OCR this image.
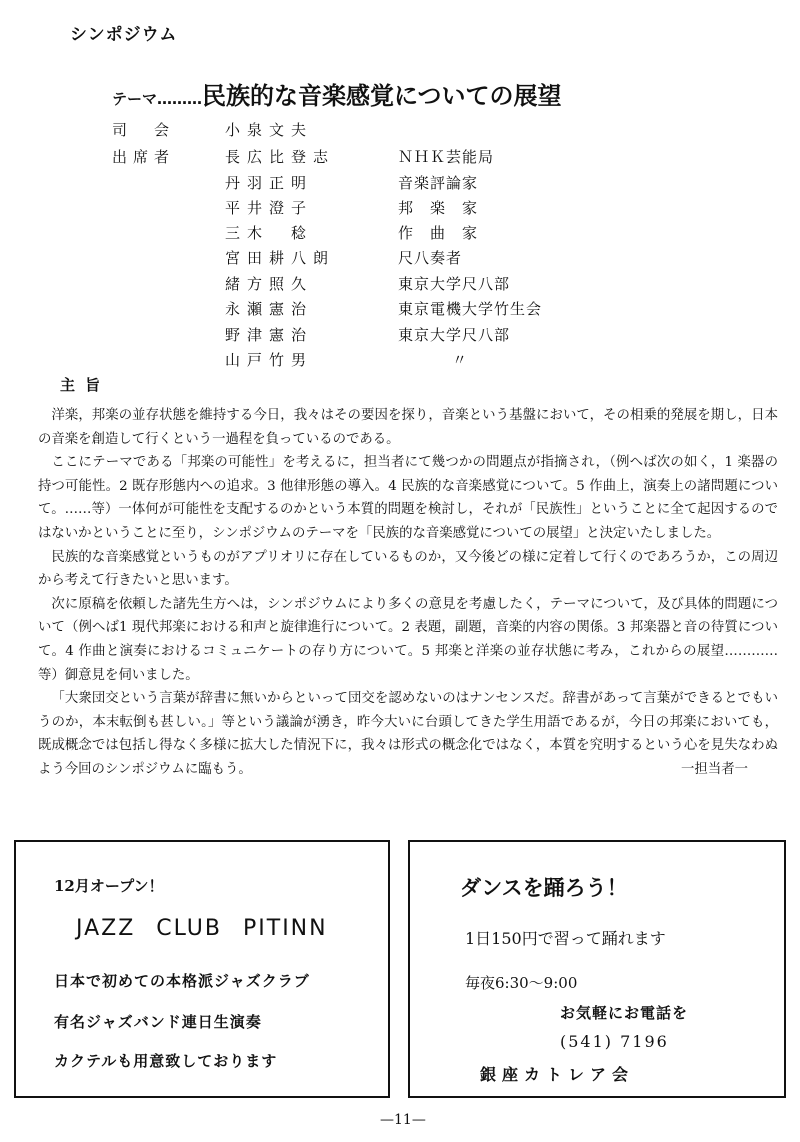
シンポジウム
テーマ………民族的な音楽感覚についての展望
司　会	小泉文夫
出席者	長広比登志	ＮＨＫ芸能局
丹羽正明	音楽評論家
平井澄子	邦　楽　家
三木　稔	作　曲　家
宮田耕八朗	尺八奏者
緒方照久	東京大学尺八部
永瀬憲治	東京電機大学竹生会
野津憲治	東京大学尺八部
山戸竹男	〃
主旨

洋楽，邦楽の並存状態を維持する今日，我々はその要因を探り，音楽という基盤において，その相乗的発展を期し，日本の音楽を創造して行くという一過程を負っているのである。

ここにテーマである「邦楽の可能性」を考えるに，担当者にて幾つかの問題点が指摘され，（例へば次の如く，1 楽器の持つ可能性。2 既存形態内への追求。3 他律形態の導入。4 民族的な音楽感覚について。5 作曲上，演奏上の諸問題について。……等）一体何が可能性を支配するのかという本質的問題を検討し，それが「民族性」ということに全て起因するのではないかということに至り，シンポジウムのテーマを「民族的な音楽感覚についての展望」と決定いたしました。

民族的な音楽感覚というものがアプリオリに存在しているものか，又今後どの様に定着して行くのであろうか，この周辺から考えて行きたいと思います。

次に原稿を依頼した諸先生方へは，シンポジウムにより多くの意見を考慮したく，テーマについて，及び具体的問題について（例へば1 現代邦楽における和声と旋律進行について。2 表題，副題，音楽的内容の関係。3 邦楽器と音の待質について。4 作曲と演奏におけるコミュニケートの存り方について。5 邦楽と洋楽の並存状態に考み，これからの展望…………等）御意見を伺いました。

「大衆団交という言葉が辞書に無いからといって団交を認めないのはナンセンスだ。辞書があって言葉ができるとでもいうのか，本末転倒も甚しい。」等という議論が湧き，昨今大いに台頭してきた学生用語であるが，今日の邦楽においても，既成概念では包括し得なく多様に拡大した情況下に，我々は形式の概念化ではなく，本質を究明するという心を見失なわぬよう今回のシンポジウムに臨もう。	一担当者一

12月オープン！
JAZZ CLUB PITINN
日本で初めての本格派ジャズクラブ
有名ジャズバンド連日生演奏
カクテルも用意致しております
ダンスを踊ろう！
1日150円で習って踊れます
毎夜6:30〜9:00
お気軽にお電話を
(541) 7196
銀座カトレア会
—11—
